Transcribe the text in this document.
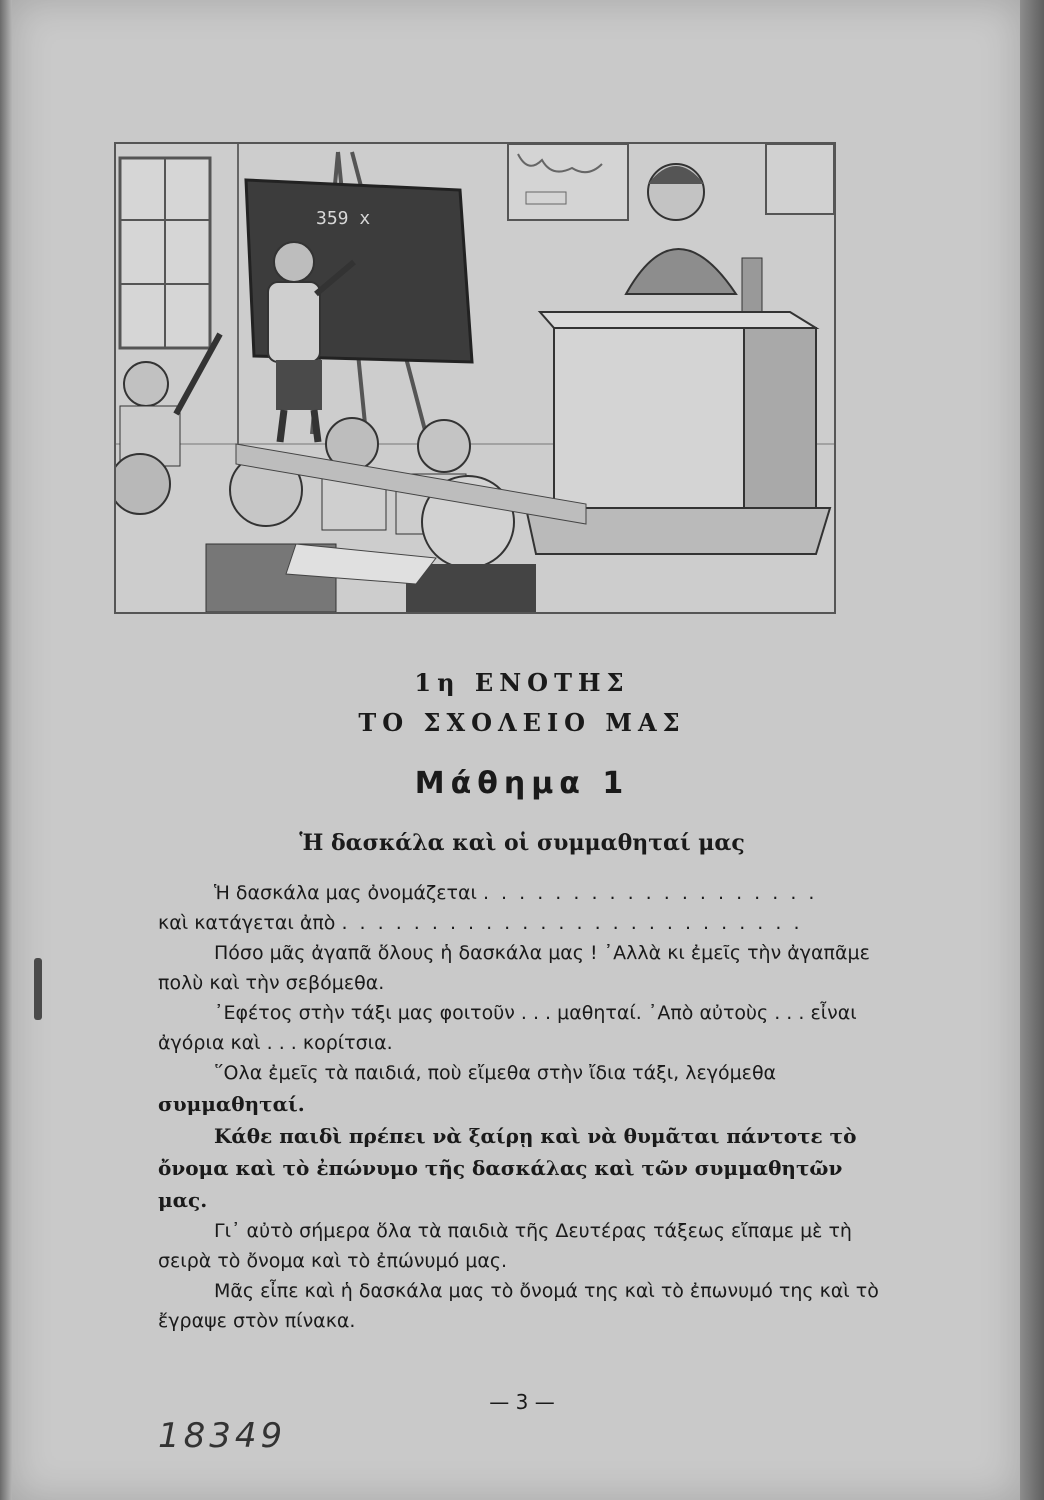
359 x
1η ΕΝΟΤΗΣ
ΤΟ ΣΧΟΛΕΙΟ ΜΑΣ
Μάθημα 1
Ἡ δασκάλα καὶ οἱ συμμαθηταί μας

Ἡ δασκάλα μας ὀνομάζεται . . . . . . . . . . . . . . . . . . .

καὶ κατάγεται ἀπὸ . . . . . . . . . . . . . . . . . . . . . . . . . .

Πόσο μᾶς ἀγαπᾶ ὅλους ἡ δασκάλα μας ! ᾿Αλλὰ κι ἐμεῖς τὴν ἀγαπᾶμε πολὺ καὶ τὴν σεβόμεθα.

᾿Εφέτος στὴν τάξι μας φοιτοῦν . . . μαθηταί. ᾿Απὸ αὐτοὺς . . . εἶναι ἀγόρια καὶ . . . κορίτσια.

῞Ολα ἐμεῖς τὰ παιδιά, ποὺ εἴμεθα στὴν ἴδια τάξι, λεγόμεθα συμμαθηταί.

Κάθε παιδὶ πρέπει νὰ ξαίρῃ καὶ νὰ θυμᾶται πάντοτε τὸ ὄνομα καὶ τὸ ἐπώνυμο τῆς δασκάλας καὶ τῶν συμμαθητῶν μας.

Γι᾿ αὐτὸ σήμερα ὅλα τὰ παιδιὰ τῆς Δευτέρας τάξεως εἴπαμε μὲ τὴ σειρὰ τὸ ὄνομα καὶ τὸ ἐπώνυμό μας.

Μᾶς εἶπε καὶ ἡ δασκάλα μας τὸ ὄνομά της καὶ τὸ ἐπωνυμό της καὶ τὸ ἔγραψε στὸν πίνακα.

— 3 —
18349
